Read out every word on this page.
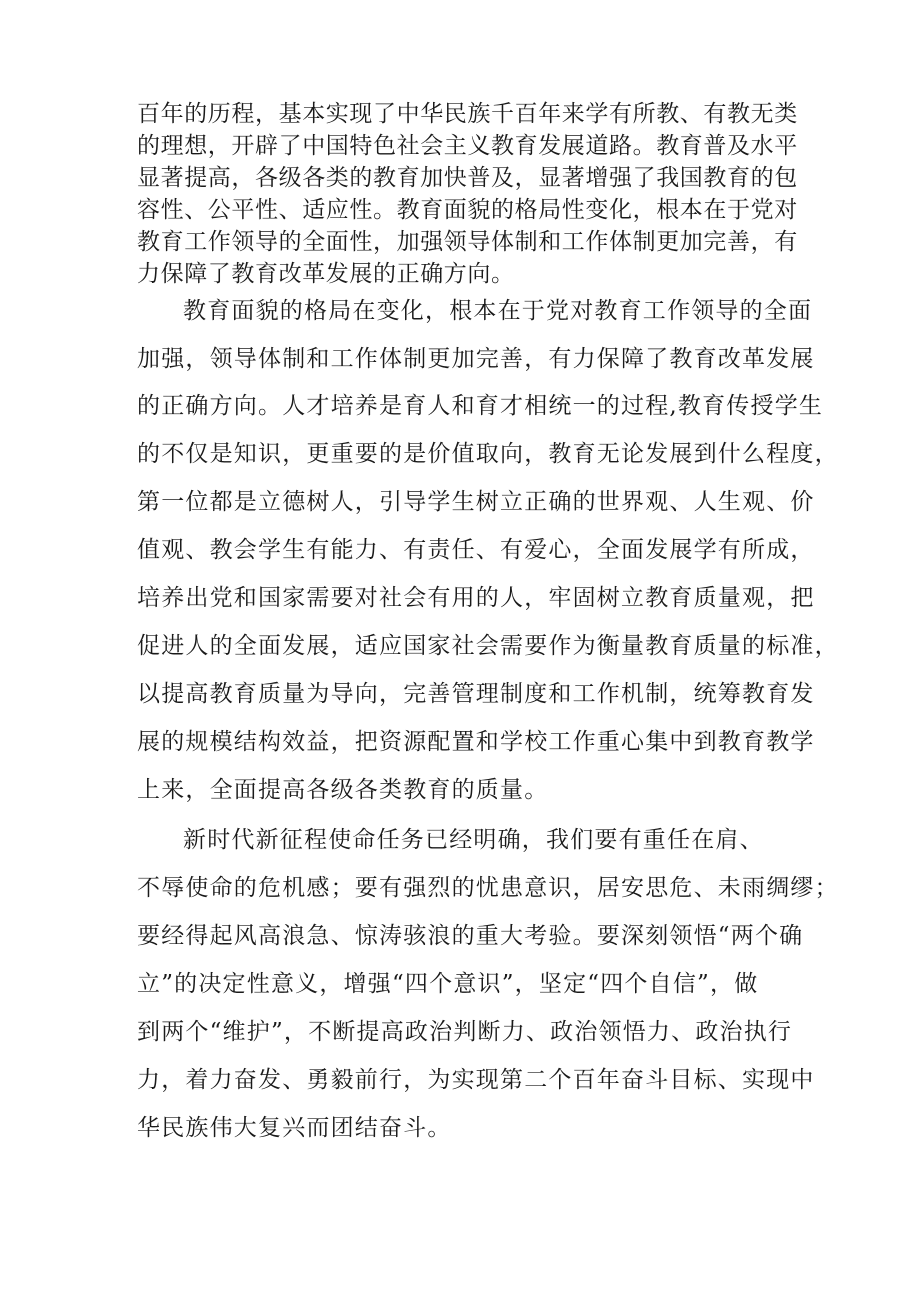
百年的历程，基本实现了中华民族千百年来学有所教、有教无类
的理想，开辟了中国特色社会主义教育发展道路。教育普及水平
显著提高，各级各类的教育加快普及，显著增强了我国教育的包
容性、公平性、适应性。教育面貌的格局性变化，根本在于党对
教育工作领导的全面性，加强领导体制和工作体制更加完善，有
力保障了教育改革发展的正确方向。
教育面貌的格局在变化，根本在于党对教育工作领导的全面
加强，领导体制和工作体制更加完善，有力保障了教育改革发展
的正确方向。人才培养是育人和育才相统一的过程,教育传授学生
的不仅是知识，更重要的是价值取向，教育无论发展到什么程度，
第一位都是立德树人，引导学生树立正确的世界观、人生观、价
值观、教会学生有能力、有责任、有爱心，全面发展学有所成，
培养出党和国家需要对社会有用的人，牢固树立教育质量观，把
促进人的全面发展，适应国家社会需要作为衡量教育质量的标准，
以提高教育质量为导向，完善管理制度和工作机制，统筹教育发
展的规模结构效益，把资源配置和学校工作重心集中到教育教学
上来，全面提高各级各类教育的质量。
新时代新征程使命任务已经明确，我们要有重任在肩、
不辱使命的危机感；要有强烈的忧患意识，居安思危、未雨绸缪；
要经得起风高浪急、惊涛骇浪的重大考验。要深刻领悟“两个确
立”的决定性意义，增强“四个意识”，坚定“四个自信”，做
到两个“维护”，不断提高政治判断力、政治领悟力、政治执行
力，着力奋发、勇毅前行，为实现第二个百年奋斗目标、实现中
华民族伟大复兴而团结奋斗。
